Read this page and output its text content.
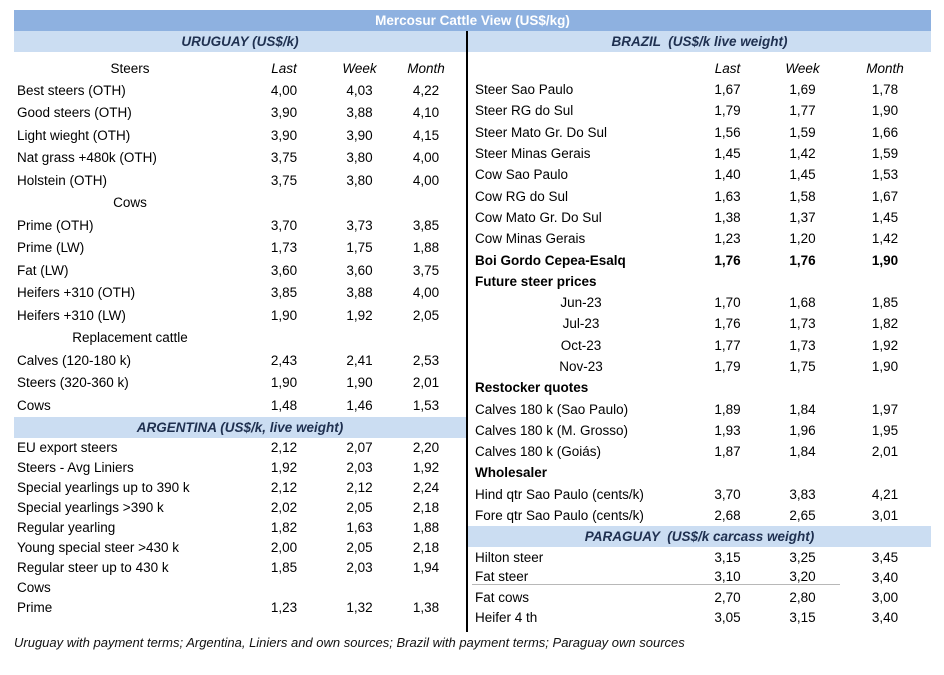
Mercosur Cattle View (US$/kg)
URUGUAY (US$/k)
Steers	Last	Week	Month
Best steers (OTH)	4,00	4,03	4,22
Good steers (OTH)	3,90	3,88	4,10
Light wieght (OTH)	3,90	3,90	4,15
Nat grass +480k (OTH)	3,75	3,80	4,00
Holstein (OTH)	3,75	3,80	4,00
Cows
Prime (OTH)	3,70	3,73	3,85
Prime (LW)	1,73	1,75	1,88
Fat (LW)	3,60	3,60	3,75
Heifers +310 (OTH)	3,85	3,88	4,00
Heifers +310 (LW)	1,90	1,92	2,05
Replacement cattle
Calves (120-180 k)	2,43	2,41	2,53
Steers (320-360 k)	1,90	1,90	2,01
Cows	1,48	1,46	1,53
ARGENTINA (US$/k, live weight)
EU export steers	2,12	2,07	2,20
Steers - Avg Liniers	1,92	2,03	1,92
Special yearlings up to 390 k	2,12	2,12	2,24
Special yearlings >390 k	2,02	2,05	2,18
Regular yearling	1,82	1,63	1,88
Young special steer >430 k	2,00	2,05	2,18
Regular steer up to 430 k	1,85	2,03	1,94
Cows
Prime	1,23	1,32	1,38
BRAZIL  (US$/k live weight)
Last	Week	Month
Steer Sao Paulo	1,67	1,69	1,78
Steer RG do Sul	1,79	1,77	1,90
Steer Mato Gr. Do Sul	1,56	1,59	1,66
Steer Minas Gerais	1,45	1,42	1,59
Cow Sao Paulo	1,40	1,45	1,53
Cow RG do Sul	1,63	1,58	1,67
Cow Mato Gr. Do Sul	1,38	1,37	1,45
Cow Minas Gerais	1,23	1,20	1,42
Boi Gordo Cepea-Esalq	1,76	1,76	1,90
Future steer prices
Jun-23	1,70	1,68	1,85
Jul-23	1,76	1,73	1,82
Oct-23	1,77	1,73	1,92
Nov-23	1,79	1,75	1,90
Restocker quotes
Calves 180 k (Sao Paulo)	1,89	1,84	1,97
Calves 180 k (M. Grosso)	1,93	1,96	1,95
Calves 180 k (Goiás)	1,87	1,84	2,01
Wholesaler
Hind qtr Sao Paulo (cents/k)	3,70	3,83	4,21
Fore qtr Sao Paulo (cents/k)	2,68	2,65	3,01
PARAGUAY  (US$/k carcass weight)
Hilton steer	3,15	3,25	3,45
Fat steer	3,10	3,20	3,40
Fat cows	2,70	2,80	3,00
Heifer 4 th	3,05	3,15	3,40
Uruguay with payment terms; Argentina, Liniers and own sources; Brazil with payment terms; Paraguay own sources
